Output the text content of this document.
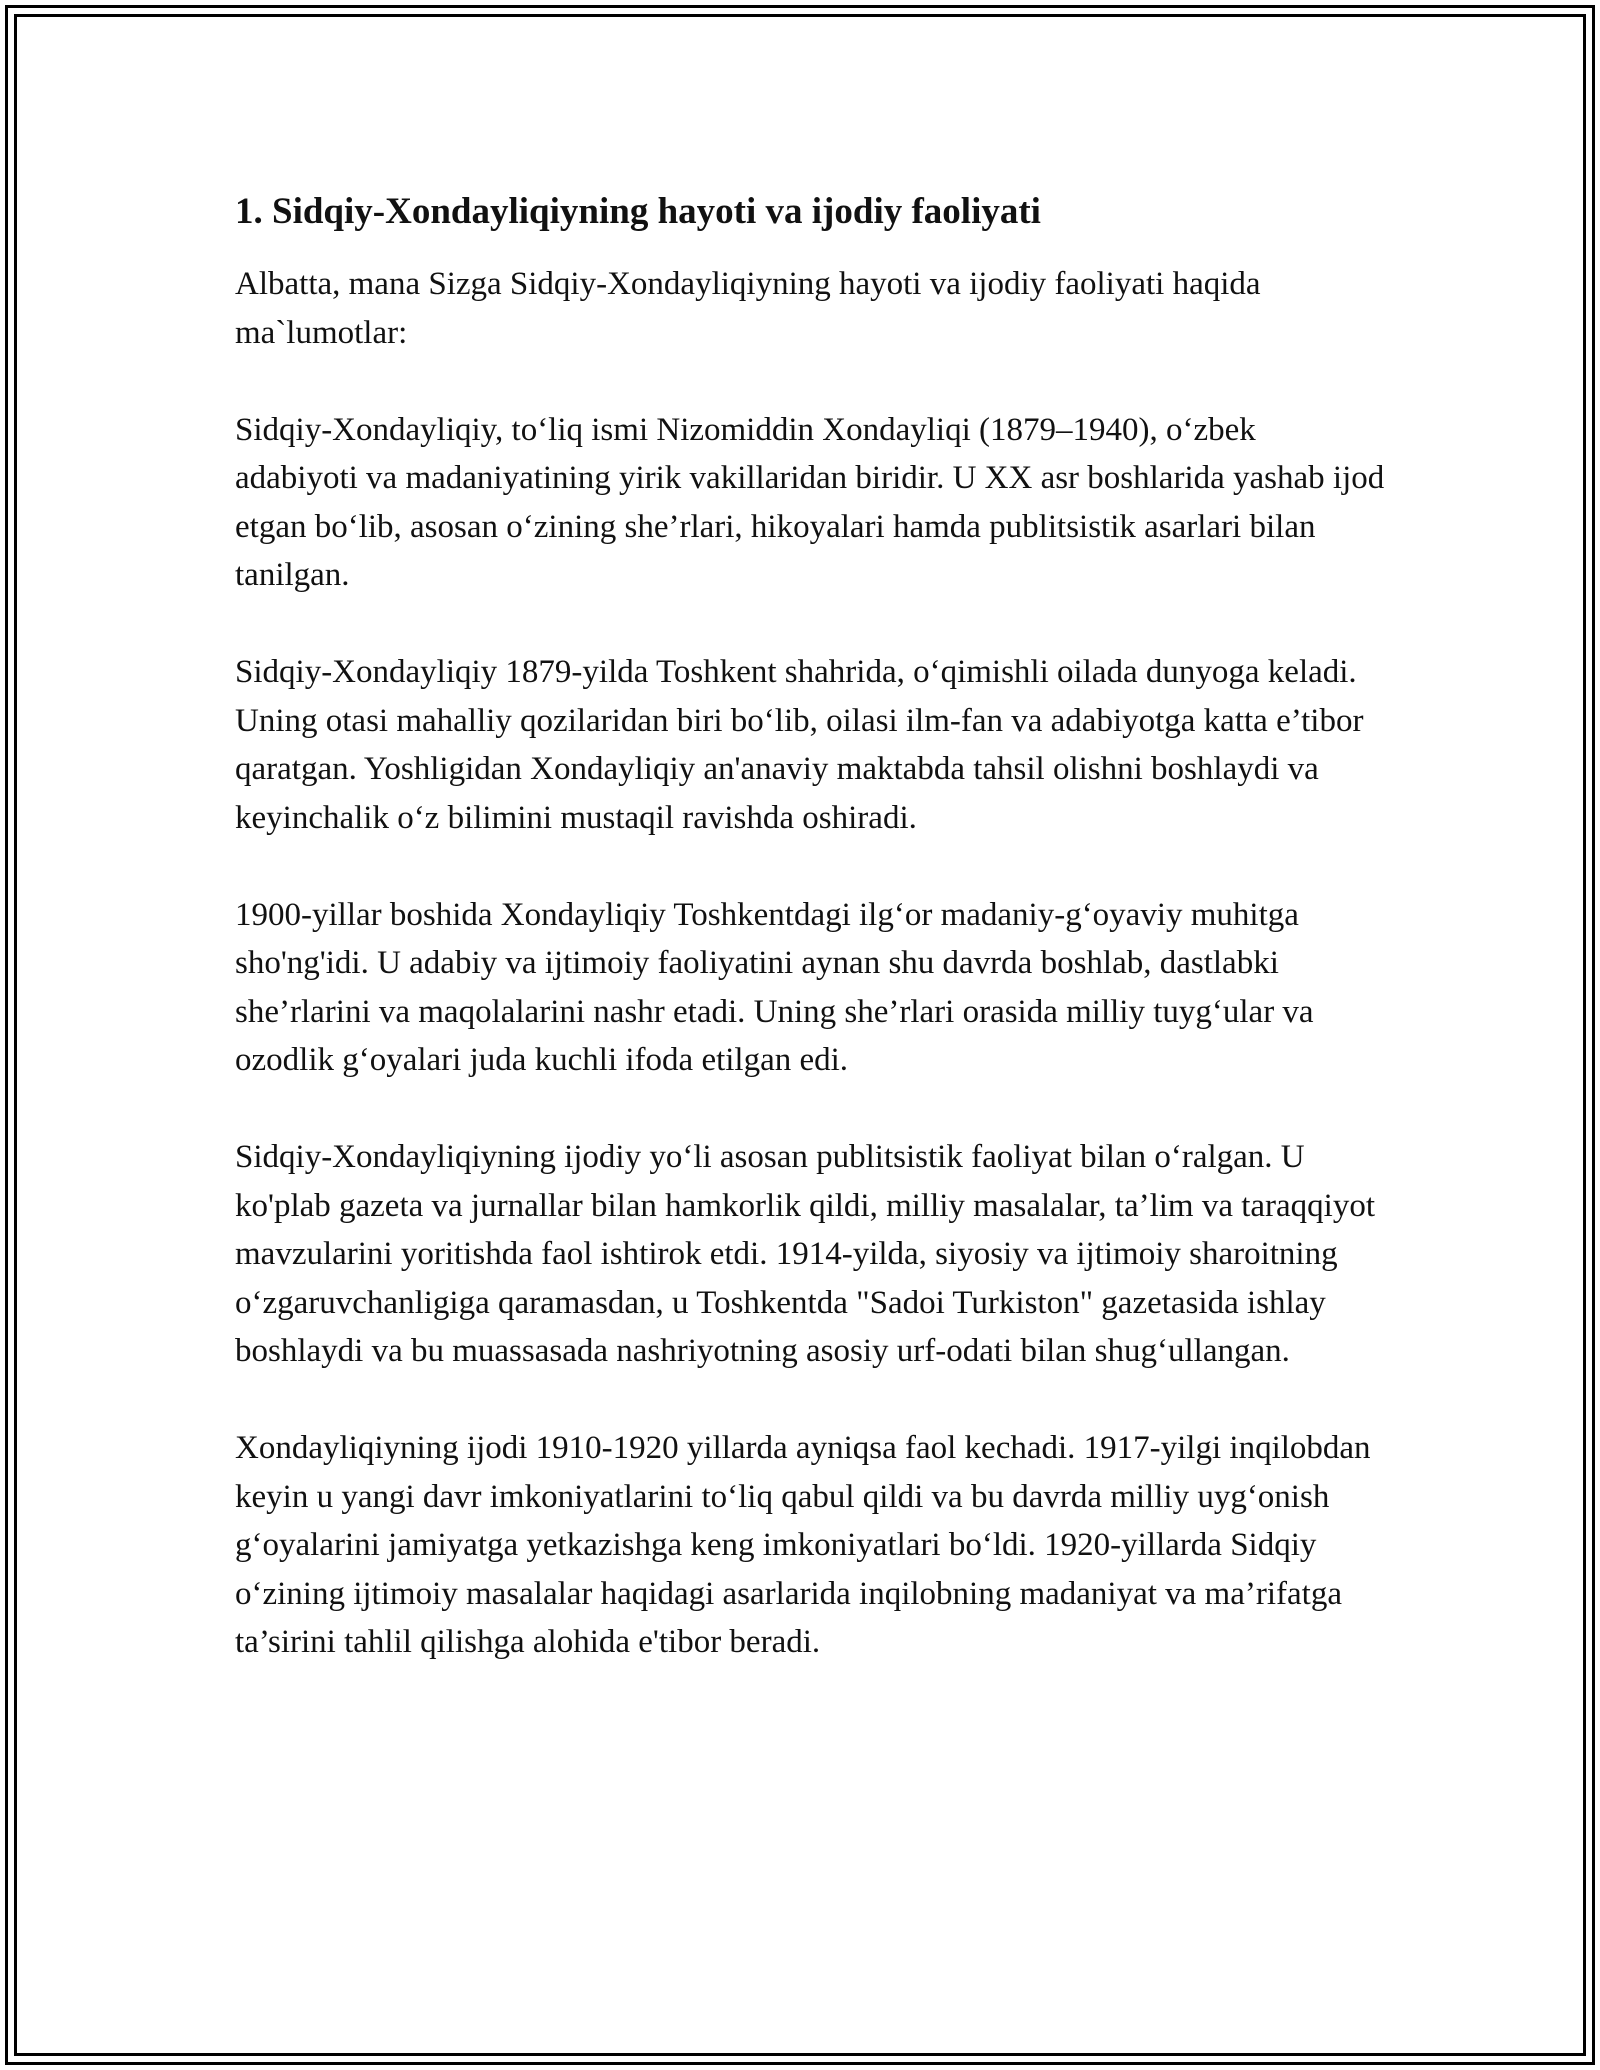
1. Sidqiy-Xondayliqiyning hayoti va ijodiy faoliyati

Albatta, mana Sizga Sidqiy-Xondayliqiyning hayoti va ijodiy faoliyati haqida ma`lumotlar:

Sidqiy-Xondayliqiy, to‘liq ismi Nizomiddin Xondayliqi (1879–1940), o‘zbek adabiyoti va madaniyatining yirik vakillaridan biridir. U XX asr boshlarida yashab ijod etgan bo‘lib, asosan o‘zining she’rlari, hikoyalari hamda publitsistik asarlari bilan tanilgan.

Sidqiy-Xondayliqiy 1879-yilda Toshkent shahrida, o‘qimishli oilada dunyoga keladi. Uning otasi mahalliy qozilaridan biri bo‘lib, oilasi ilm-fan va adabiyotga katta e’tibor qaratgan. Yoshligidan Xondayliqiy an'anaviy maktabda tahsil olishni boshlaydi va keyinchalik o‘z bilimini mustaqil ravishda oshiradi.

1900-yillar boshida Xondayliqiy Toshkentdagi ilg‘or madaniy-g‘oyaviy muhitga sho'ng'idi. U adabiy va ijtimoiy faoliyatini aynan shu davrda boshlab, dastlabki she’rlarini va maqolalarini nashr etadi. Uning she’rlari orasida milliy tuyg‘ular va ozodlik g‘oyalari juda kuchli ifoda etilgan edi.

Sidqiy-Xondayliqiyning ijodiy yo‘li asosan publitsistik faoliyat bilan o‘ralgan. U ko'plab gazeta va jurnallar bilan hamkorlik qildi, milliy masalalar, ta’lim va taraqqiyot mavzularini yoritishda faol ishtirok etdi. 1914-yilda, siyosiy va ijtimoiy sharoitning o‘zgaruvchanligiga qaramasdan, u Toshkentda "Sadoi Turkiston" gazetasida ishlay boshlaydi va bu muassasada nashriyotning asosiy urf-odati bilan shug‘ullangan.

Xondayliqiyning ijodi 1910-1920 yillarda ayniqsa faol kechadi. 1917-yilgi inqilobdan keyin u yangi davr imkoniyatlarini to‘liq qabul qildi va bu davrda milliy uyg‘onish g‘oyalarini jamiyatga yetkazishga keng imkoniyatlari bo‘ldi. 1920-yillarda Sidqiy o‘zining ijtimoiy masalalar haqidagi asarlarida inqilobning madaniyat va ma’rifatga ta’sirini tahlil qilishga alohida e'tibor beradi.
